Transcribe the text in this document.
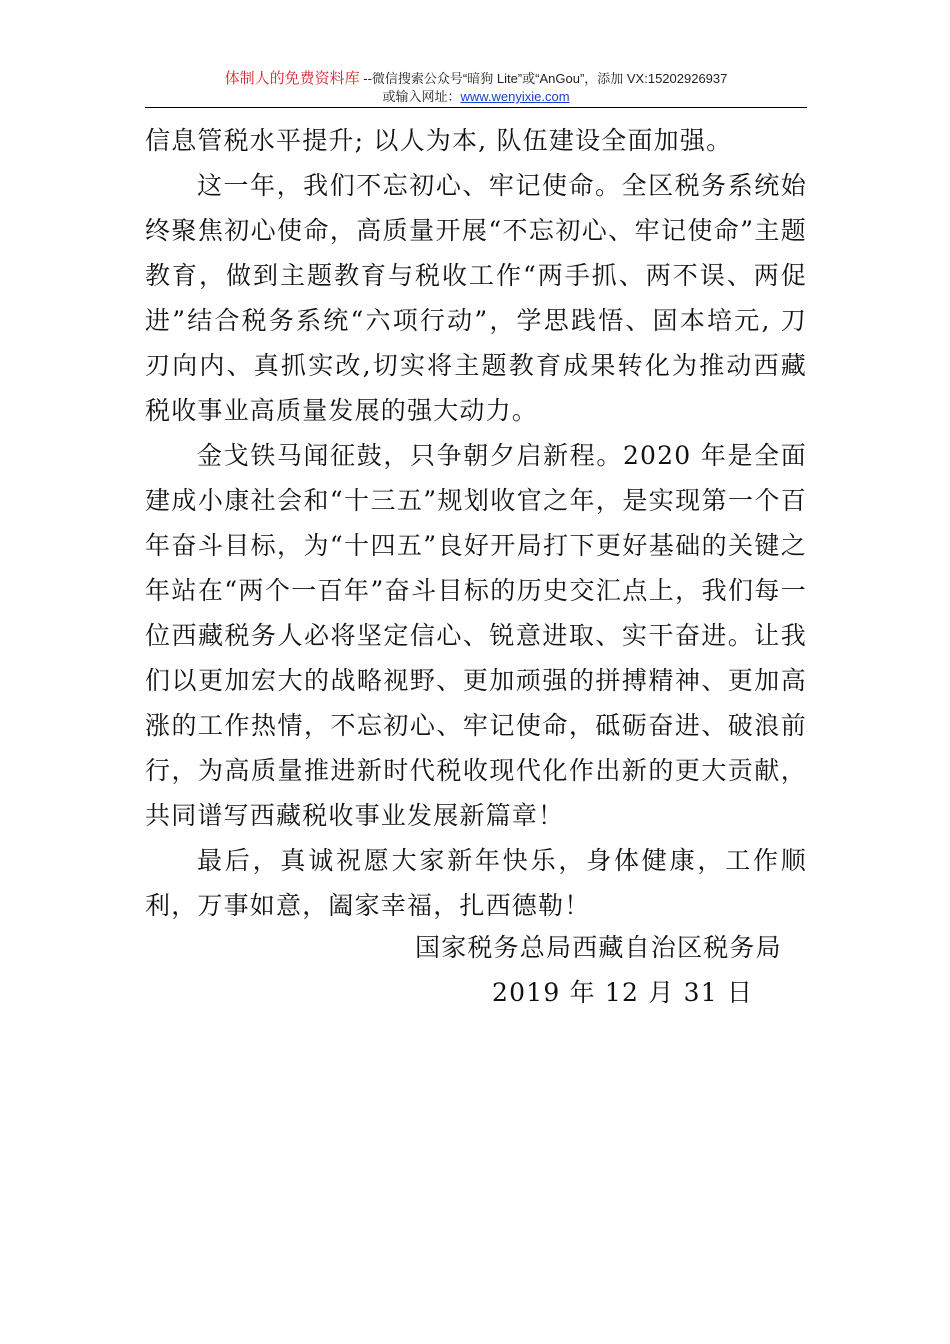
体制人的免费资料库 --微信搜索公众号“暗狗 Lite”或“AnGou”，添加 VX:15202926937
或输入网址：www.wenyixie.com

信息管税水平提升; 以人为本, 队伍建设全面加强。

这一年，我们不忘初心、牢记使命。全区税务系统始终聚焦初心使命，高质量开展“不忘初心、牢记使命”主题教育，做到主题教育与税收工作“两手抓、两不误、两促进”结合税务系统“六项行动”，学思践悟、固本培元, 刀刃向内、真抓实改,切实将主题教育成果转化为推动西藏税收事业高质量发展的强大动力。

金戈铁马闻征鼓，只争朝夕启新程。2020 年是全面建成小康社会和“十三五”规划收官之年，是实现第一个百年奋斗目标，为“十四五”良好开局打下更好基础的关键之年站在“两个一百年”奋斗目标的历史交汇点上，我们每一位西藏税务人必将坚定信心、锐意进取、实干奋进。让我们以更加宏大的战略视野、更加顽强的拼搏精神、更加高涨的工作热情，不忘初心、牢记使命，砥砺奋进、破浪前行，为高质量推进新时代税收现代化作出新的更大贡献，共同谱写西藏税收事业发展新篇章！

最后，真诚祝愿大家新年快乐，身体健康，工作顺利，万事如意，阖家幸福，扎西德勒！

国家税务总局西藏自治区税务局
2019 年 12 月 31 日
